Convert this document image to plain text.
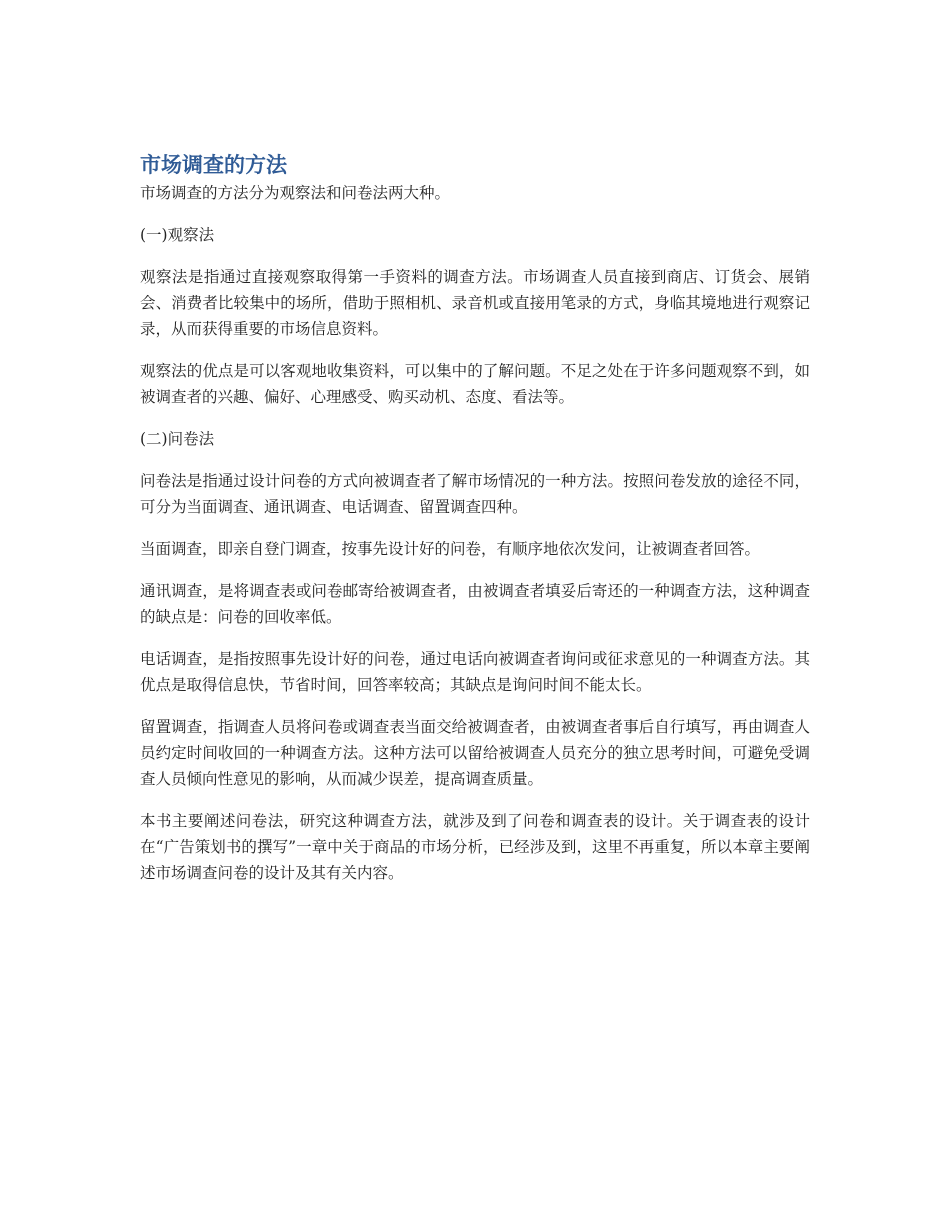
市场调查的方法

市场调查的方法分为观察法和问卷法两大种。

(一)观察法

观察法是指通过直接观察取得第一手资料的调查方法。市场调查人员直接到商店、订货会、展销会、消费者比较集中的场所，借助于照相机、录音机或直接用笔录的方式，身临其境地进行观察记录，从而获得重要的市场信息资料。

观察法的优点是可以客观地收集资料，可以集中的了解问题。不足之处在于许多问题观察不到，如被调查者的兴趣、偏好、心理感受、购买动机、态度、看法等。

(二)问卷法

问卷法是指通过设计问卷的方式向被调查者了解市场情况的一种方法。按照问卷发放的途径不同，可分为当面调查、通讯调查、电话调查、留置调查四种。

当面调查，即亲自登门调查，按事先设计好的问卷，有顺序地依次发问，让被调查者回答。

通讯调查，是将调查表或问卷邮寄给被调查者，由被调查者填妥后寄还的一种调查方法，这种调查的缺点是：问卷的回收率低。

电话调查，是指按照事先设计好的问卷，通过电话向被调查者询问或征求意见的一种调查方法。其优点是取得信息快，节省时间，回答率较高；其缺点是询问时间不能太长。

留置调查，指调查人员将问卷或调查表当面交给被调查者，由被调查者事后自行填写，再由调查人员约定时间收回的一种调查方法。这种方法可以留给被调查人员充分的独立思考时间，可避免受调查人员倾向性意见的影响，从而减少误差，提高调查质量。

本书主要阐述问卷法，研究这种调查方法，就涉及到了问卷和调查表的设计。关于调查表的设计在“广告策划书的撰写”一章中关于商品的市场分析，已经涉及到，这里不再重复，所以本章主要阐述市场调查问卷的设计及其有关内容。
